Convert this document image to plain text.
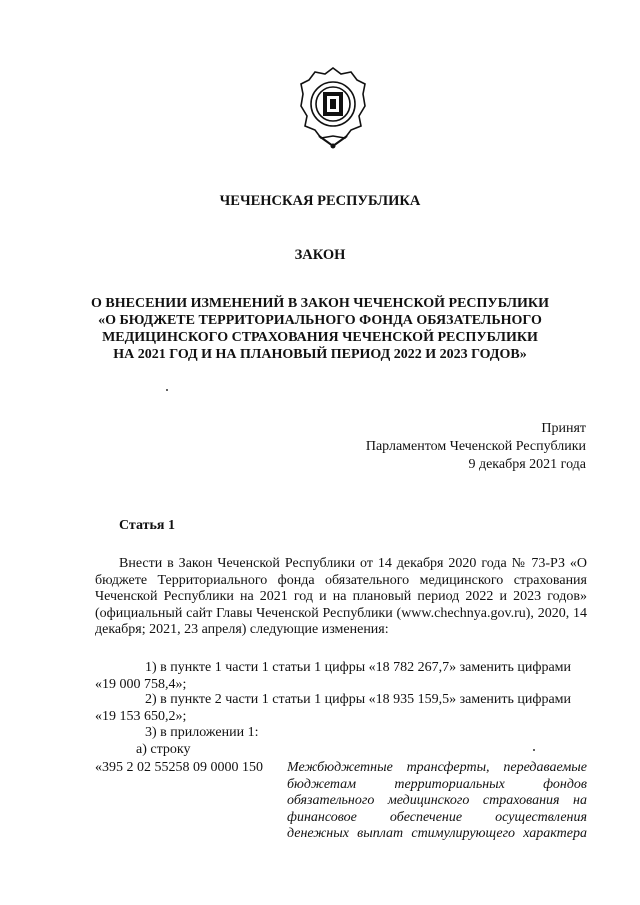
ЧЕЧЕНСКАЯ РЕСПУБЛИКА
ЗАКОН
О ВНЕСЕНИИ ИЗМЕНЕНИЙ В ЗАКОН ЧЕЧЕНСКОЙ РЕСПУБЛИКИ
«О БЮДЖЕТЕ ТЕРРИТОРИАЛЬНОГО ФОНДА ОБЯЗАТЕЛЬНОГО
МЕДИЦИНСКОГО СТРАХОВАНИЯ ЧЕЧЕНСКОЙ РЕСПУБЛИКИ
НА 2021 ГОД И НА ПЛАНОВЫЙ ПЕРИОД 2022 И 2023 ГОДОВ»
Принят
Парламентом Чеченской Республики
9 декабря 2021 года
Статья 1
Внести в Закон Чеченской Республики от 14 декабря 2020 года № 73-РЗ «О бюджете Территориального фонда обязательного медицинского страхования Чеченской Республики на 2021 год и на плановый период 2022 и 2023 годов» (официальный сайт Главы Чеченской Республики (www.chechnya.gov.ru), 2020, 14 декабря; 2021, 23 апреля) следующие изменения:
1) в пункте 1 части 1 статьи 1 цифры «18 782 267,7» заменить цифрами «19 000 758,4»;
2) в пункте 2 части 1 статьи 1 цифры «18 935 159,5» заменить цифрами «19 153 650,2»;
3) в приложении 1:
а) строку
«395 2 02 55258 09 0000 150 Межбюджетные трансферты, передаваемые
бюджетам территориальных фондов
обязательного медицинского страхования на
финансовое обеспечение осуществления
денежных выплат стимулирующего характера
